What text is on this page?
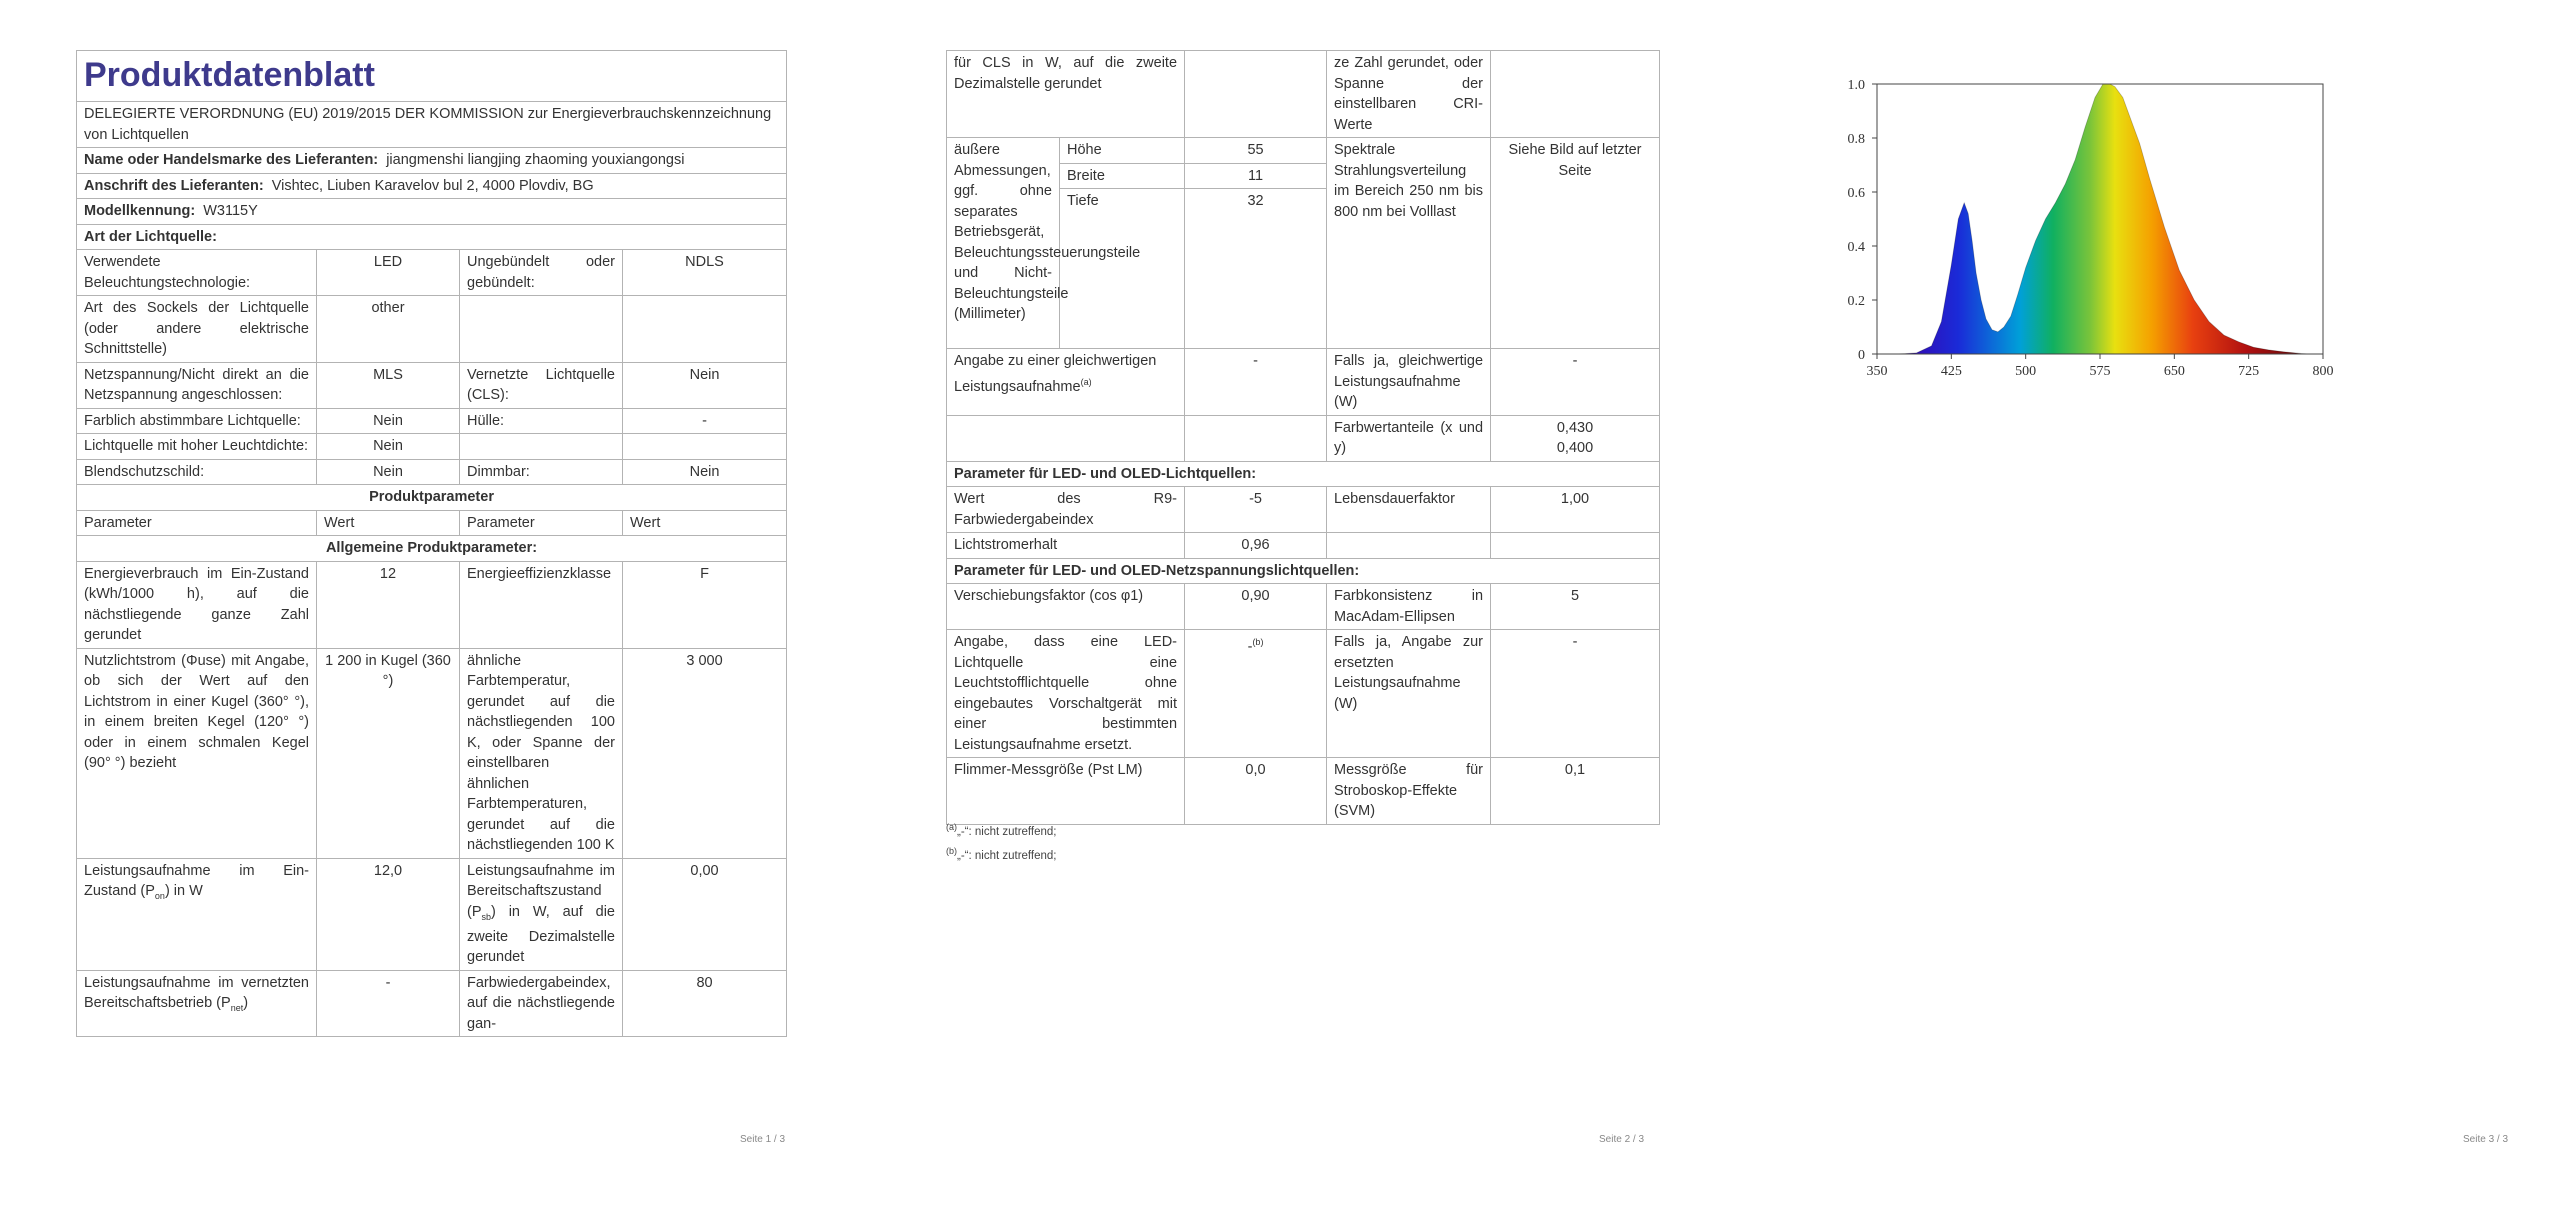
Produktdatenblatt			
DELEGIERTE VERORDNUNG (EU) 2019/2015 DER KOMMISSION zur Energieverbrauchskennzeichnung von Lichtquellen			
Name oder Handelsmarke des Lieferanten: jiangmenshi liangjing zhaoming youxiangongsi			
Anschrift des Lieferanten: Vishtec, Liuben Karavelov bul 2, 4000 Plovdiv, BG			
Modellkennung: W3115Y			
Art der Lichtquelle:			
Verwendete Beleuchtungstechnologie:	LED	Ungebündelt oder gebündelt:	NDLS
Art des Sockels der Lichtquelle (oder andere elektrische Schnittstelle)	other		
Netzspannung/Nicht direkt an die Netzspannung angeschlossen:	MLS	Vernetzte Lichtquelle (CLS):	Nein
Farblich abstimmbare Lichtquelle:	Nein	Hülle:	-
Lichtquelle mit hoher Leuchtdichte:	Nein		
Blendschutzschild:	Nein	Dimmbar:	Nein
Produktparameter			
Parameter	Wert	Parameter	Wert
Allgemeine Produktparameter:			
Energieverbrauch im Ein-Zustand (kWh/1000 h), auf die nächstliegende ganze Zahl gerundet	12	Energieeffizienzklasse	F
Nutzlichtstrom (Φuse) mit Angabe, ob sich der Wert auf den Lichtstrom in einer Kugel (360° °), in einem breiten Kegel (120° °) oder in einem schmalen Kegel (90° °) bezieht	1 200 in Kugel (360 °)	ähnliche Farbtemperatur, gerundet auf die nächstliegenden 100 K, oder Spanne der einstellbaren ähnlichen Farbtemperaturen, gerundet auf die nächstliegenden 100 K	3 000
Leistungsaufnahme im Ein-Zustand $(P_{on})$ in W	12,0	Leistungsaufnahme im Bereitschaftszustand $(P_{sb})$ in W, auf die zweite Dezimalstelle gerundet	0,00
Leistungsaufnahme im vernetzten Bereitschaftsbetrieb $(P_{net})$	-	Farbwiedergabeindex, auf die nächstliegende gan-	80
Seite 1 / 3
für CLS in W, auf die zweite Dezimalstelle gerundet			ze Zahl gerundet, oder Spanne der einstellbaren CRI-Werte	
äußere Abmessungen, ggf. ohne separates Betriebsgerät, Beleuchtungssteuerungsteile und Nicht-Beleuchtungsteile (Millimeter)	Höhe	55	Spektrale Strahlungsverteilung im Bereich 250 nm bis 800 nm bei Volllast	Siehe Bild auf letzter Seite
	Breite	11		
	Tiefe	32		
Angabe zu einer gleichwertigen Leistungsaufnahme$^{(a)}$		-	Falls ja, gleichwertige Leistungsaufnahme (W)	-
			Farbwertanteile (x und y)	0,430
0,400
Parameter für LED- und OLED-Lichtquellen:				
Wert des R9-Farbwiedergabeindex		-5	Lebensdauerfaktor	1,00
Lichtstromerhalt		0,96		
Parameter für LED- und OLED-Netzspannungslichtquellen:				
Verschiebungsfaktor (cos φ1)		0,90	Farbkonsistenz in MacAdam-Ellipsen	5
Angabe, dass eine LED-Lichtquelle eine Leuchtstofflichtquelle ohne eingebautes Vorschaltgerät mit einer bestimmten Leistungsaufnahme ersetzt.		-$^{(b)}$	Falls ja, Angabe zur ersetzten Leistungsaufnahme (W)	-
Flimmer-Messgröße (Pst LM)		0,0	Messgröße für Stroboskop-Effekte (SVM)	0,1
$^{(a)}$„-“: nicht zutreffend;
$^{(b)}$„-“: nicht zutreffend;
Seite 2 / 3	Seite 3 / 3
350	425	500	575	650	725	800
0
0.2
0.4
0.6
0.8
1.0
